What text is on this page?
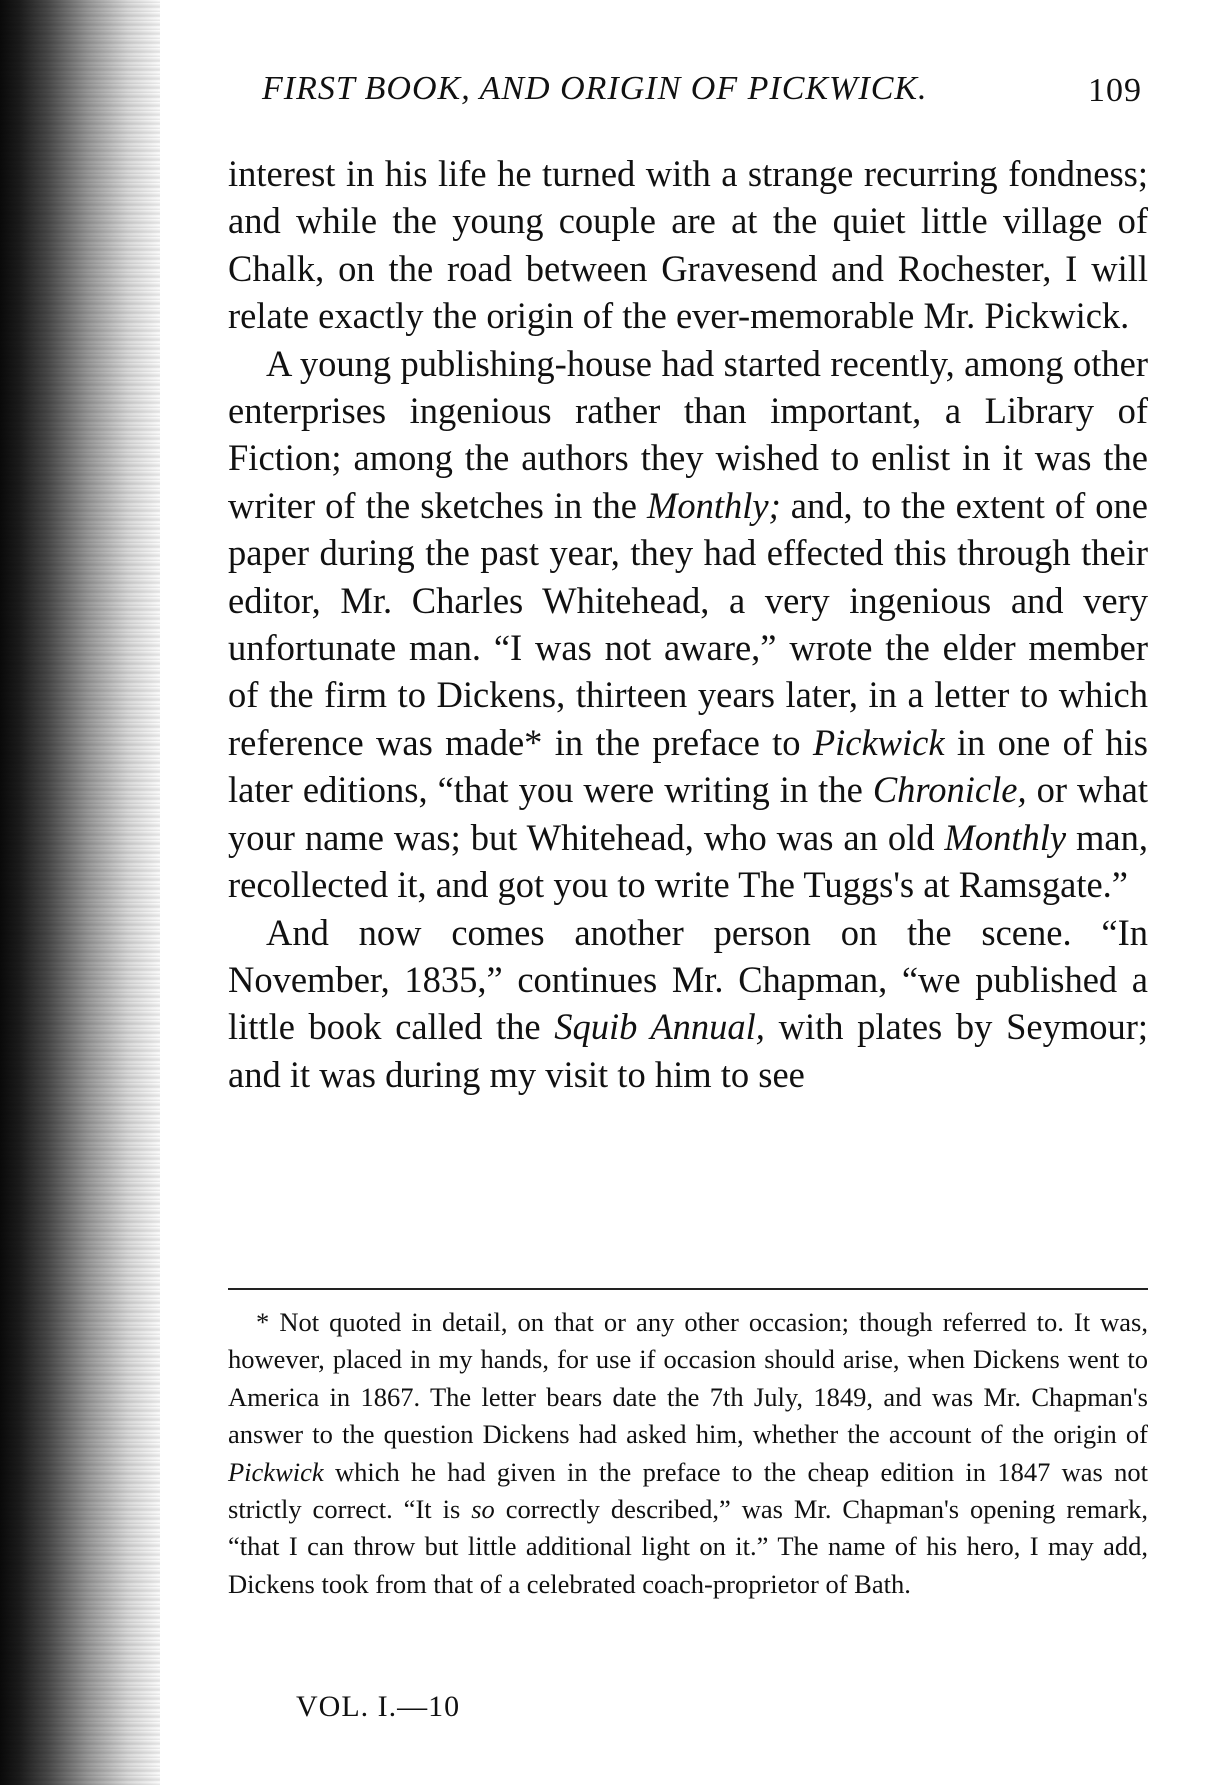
FIRST BOOK, AND ORIGIN OF PICKWICK.	109

interest in his life he turned with a strange recurring fondness; and while the young couple are at the quiet little village of Chalk, on the road between Gravesend and Rochester, I will relate exactly the origin of the ever-memorable Mr. Pickwick.

A young publishing-house had started recently, among other enterprises ingenious rather than important, a Library of Fiction; among the authors they wished to enlist in it was the writer of the sketches in the Monthly; and, to the extent of one paper during the past year, they had effected this through their editor, Mr. Charles Whitehead, a very ingenious and very unfortunate man. “I was not aware,” wrote the elder member of the firm to Dickens, thirteen years later, in a letter to which reference was made* in the preface to Pickwick in one of his later editions, “that you were writing in the Chronicle, or what your name was; but Whitehead, who was an old Monthly man, recollected it, and got you to write The Tuggs's at Ramsgate.”

And now comes another person on the scene. “In November, 1835,” continues Mr. Chapman, “we published a little book called the Squib Annual, with plates by Seymour; and it was during my visit to him to see

* Not quoted in detail, on that or any other occasion; though referred to. It was, however, placed in my hands, for use if occasion should arise, when Dickens went to America in 1867. The letter bears date the 7th July, 1849, and was Mr. Chapman's answer to the question Dickens had asked him, whether the account of the origin of Pickwick which he had given in the preface to the cheap edition in 1847 was not strictly correct. “It is so correctly described,” was Mr. Chapman's opening remark, “that I can throw but little additional light on it.” The name of his hero, I may add, Dickens took from that of a celebrated coach-proprietor of Bath.

VOL. I.—10
